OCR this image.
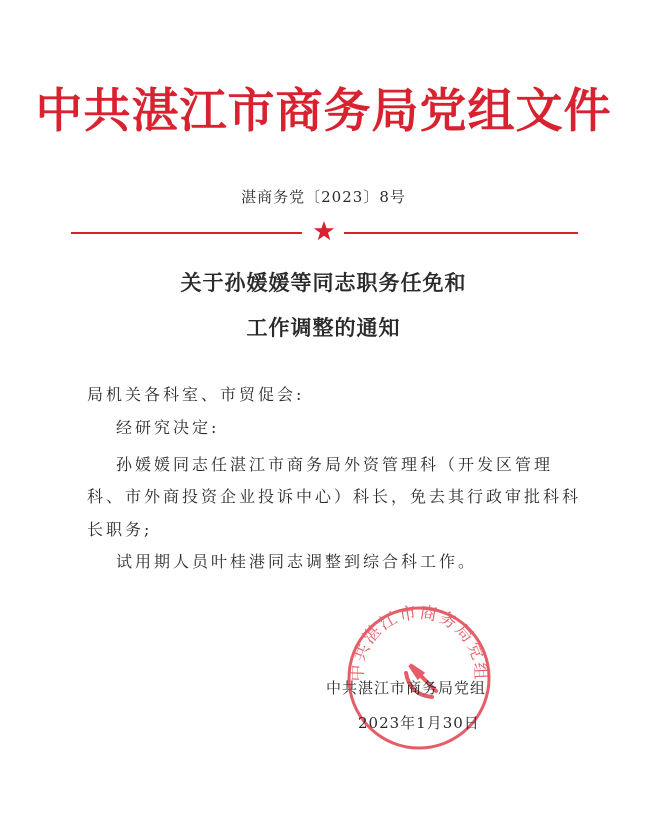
中共湛江市商务局党组文件
湛商务党〔2023〕8号
关于孙媛媛等同志职务任免和
工作调整的通知
局机关各科室、市贸促会:
经研究决定:
孙媛媛同志任湛江市商务局外资管理科（开发区管理
科、市外商投资企业投诉中心）科长，免去其行政审批科科
长职务;
试用期人员叶桂港同志调整到综合科工作。
中共湛江市商务局党组
中共湛江市商务局党组
2023年1月30日
